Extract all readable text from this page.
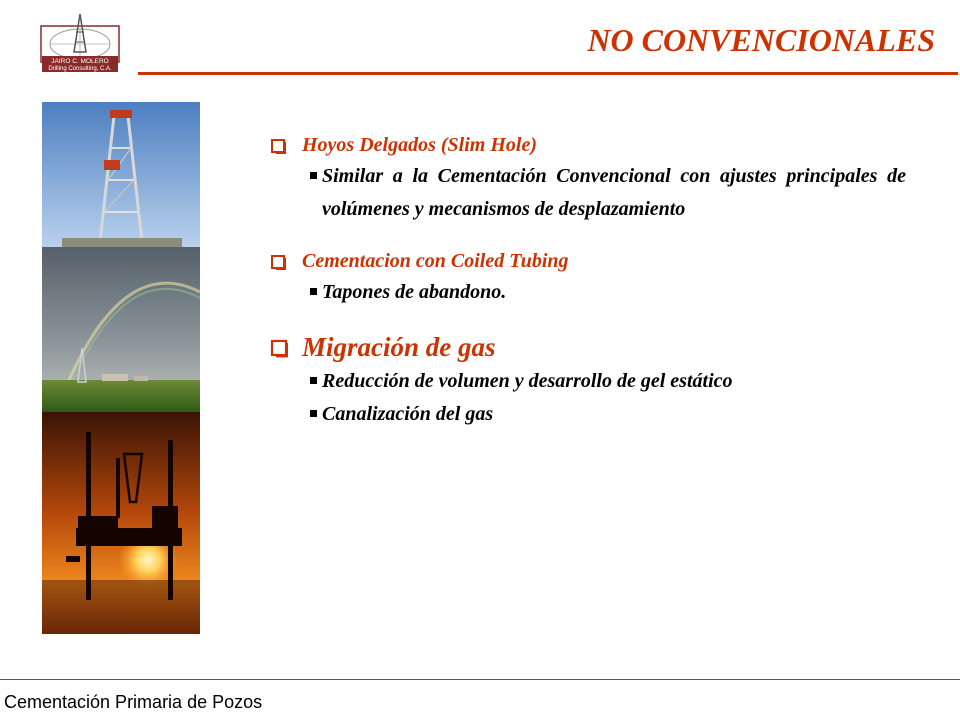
JAIRO C. MOLERO
Drilling Consulting, C.A.
NO CONVENCIONALES
Hoyos Delgados (Slim Hole)
Similar a la Cementación Convencional con ajustes principales de volúmenes y mecanismos de desplazamiento
Cementacion con Coiled Tubing
Tapones de abandono.
Migración de gas
Reducción de volumen y desarrollo de gel estático
Canalización del gas
Cementación Primaria de Pozos
